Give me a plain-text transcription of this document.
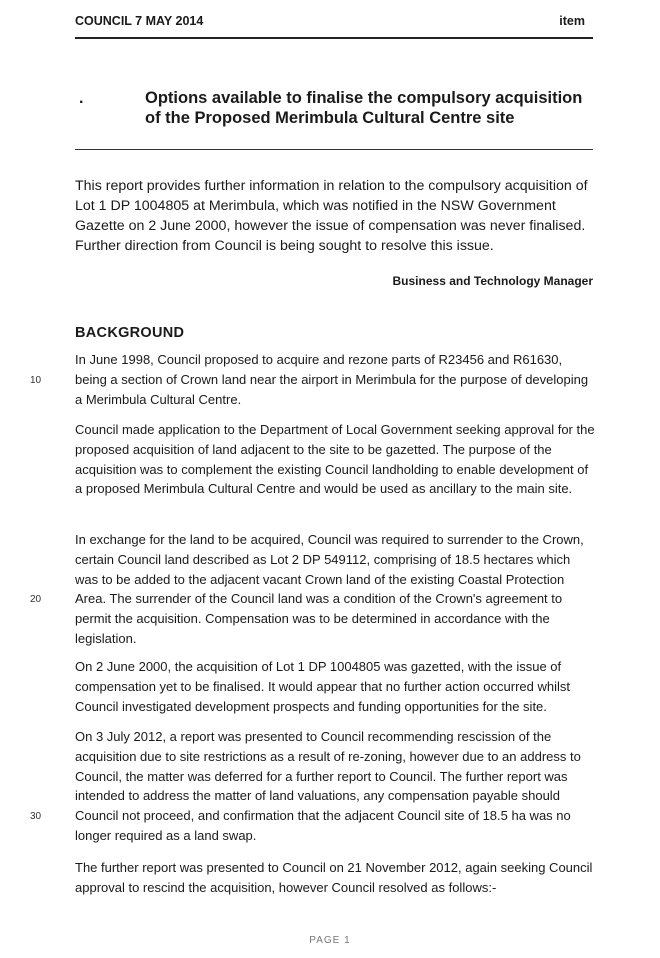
COUNCIL 7 MAY 2014	item
.	Options available to finalise the compulsory acquisition of the Proposed Merimbula Cultural Centre site

This report provides further information in relation to the compulsory acquisition of Lot 1 DP 1004805 at Merimbula, which was notified in the NSW Government Gazette on 2 June 2000, however the issue of compensation was never finalised. Further direction from Council is being sought to resolve this issue.

Business and Technology Manager
BACKGROUND

In June 1998, Council proposed to acquire and rezone parts of R23456 and R61630, being a section of Crown land near the airport in Merimbula for the purpose of developing a Merimbula Cultural Centre.

Council made application to the Department of Local Government seeking approval for the proposed acquisition of land adjacent to the site to be gazetted. The purpose of the acquisition was to complement the existing Council landholding to enable development of a proposed Merimbula Cultural Centre and would be used as ancillary to the main site.

In exchange for the land to be acquired, Council was required to surrender to the Crown, certain Council land described as Lot 2 DP 549112, comprising of 18.5 hectares which was to be added to the adjacent vacant Crown land of the existing Coastal Protection Area. The surrender of the Council land was a condition of the Crown's agreement to permit the acquisition. Compensation was to be determined in accordance with the legislation.

On 2 June 2000, the acquisition of Lot 1 DP 1004805 was gazetted, with the issue of compensation yet to be finalised. It would appear that no further action occurred whilst Council investigated development prospects and funding opportunities for the site.

On 3 July 2012, a report was presented to Council recommending rescission of the acquisition due to site restrictions as a result of re-zoning, however due to an address to Council, the matter was deferred for a further report to Council. The further report was intended to address the matter of land valuations, any compensation payable should Council not proceed, and confirmation that the adjacent Council site of 18.5 ha was no longer required as a land swap.

The further report was presented to Council on 21 November 2012, again seeking Council approval to rescind the acquisition, however Council resolved as follows:-

10
20
30
PAGE 1
